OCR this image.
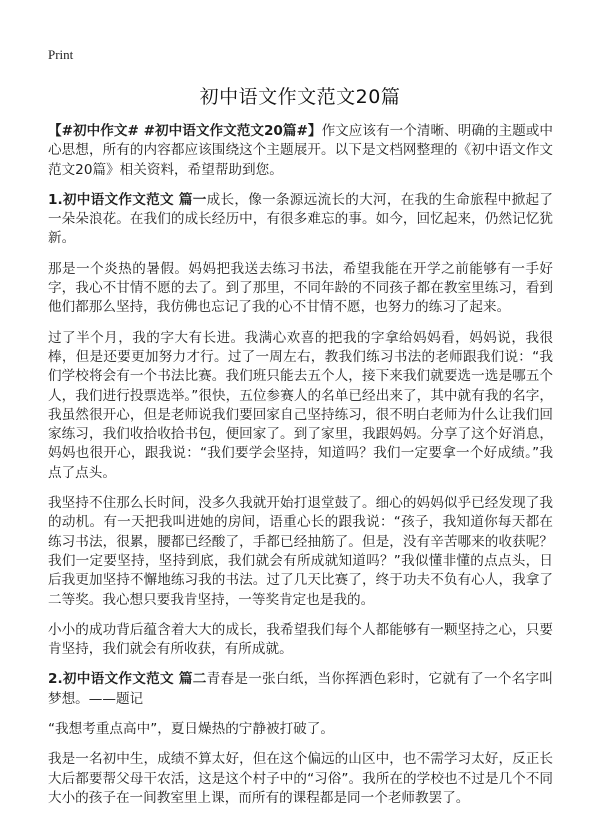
Print
初中语文作文范文20篇

【#初中作文# #初中语文作文范文20篇#】作文应该有一个清晰、明确的主题或中心思想，所有的内容都应该围绕这个主题展开。以下是文档网整理的《初中语文作文范文20篇》相关资料，希望帮助到您。

1.初中语文作文范文 篇一成长，像一条源远流长的大河，在我的生命旅程中掀起了一朵朵浪花。在我们的成长经历中，有很多难忘的事。如今，回忆起来，仍然记忆犹新。

那是一个炎热的暑假。妈妈把我送去练习书法，希望我能在开学之前能够有一手好字，我心不甘情不愿的去了。到了那里，不同年龄的不同孩子都在教室里练习，看到他们都那么坚持，我仿佛也忘记了我的心不甘情不愿，也努力的练习了起来。

过了半个月，我的字大有长进。我满心欢喜的把我的字拿给妈妈看，妈妈说，我很棒，但是还要更加努力才行。过了一周左右，教我们练习书法的老师跟我们说：“我们学校将会有一个书法比赛。我们班只能去五个人，接下来我们就要选一选是哪五个人，我们进行投票选举。”很快，五位参赛人的名单已经出来了，其中就有我的名字，我虽然很开心，但是老师说我们要回家自己坚持练习，很不明白老师为什么让我们回家练习，我们收拾收拾书包，便回家了。到了家里，我跟妈妈。分享了这个好消息，妈妈也很开心，跟我说：“我们要学会坚持，知道吗？我们一定要拿一个好成绩。”我点了点头。

我坚持不住那么长时间，没多久我就开始打退堂鼓了。细心的妈妈似乎已经发现了我的动机。有一天把我叫进她的房间，语重心长的跟我说：“孩子，我知道你每天都在练习书法，很累，腰都已经酸了，手都已经抽筋了。但是，没有辛苦哪来的收获呢？我们一定要坚持，坚持到底，我们就会有所成就知道吗？”我似懂非懂的点点头，日后我更加坚持不懈地练习我的书法。过了几天比赛了，终于功夫不负有心人，我拿了二等奖。我心想只要我肯坚持，一等奖肯定也是我的。

小小的成功背后蕴含着大大的成长，我希望我们每个人都能够有一颗坚持之心，只要肯坚持，我们就会有所收获，有所成就。

2.初中语文作文范文 篇二青春是一张白纸，当你挥洒色彩时，它就有了一个名字叫梦想。——题记

“我想考重点高中”，夏日燥热的宁静被打破了。

我是一名初中生，成绩不算太好，但在这个偏远的山区中，也不需学习太好，反正长大后都要帮父母干农活，这是这个村子中的“习俗”。我所在的学校也不过是几个不同大小的孩子在一间教室里上课，而所有的课程都是同一个老师教罢了。
